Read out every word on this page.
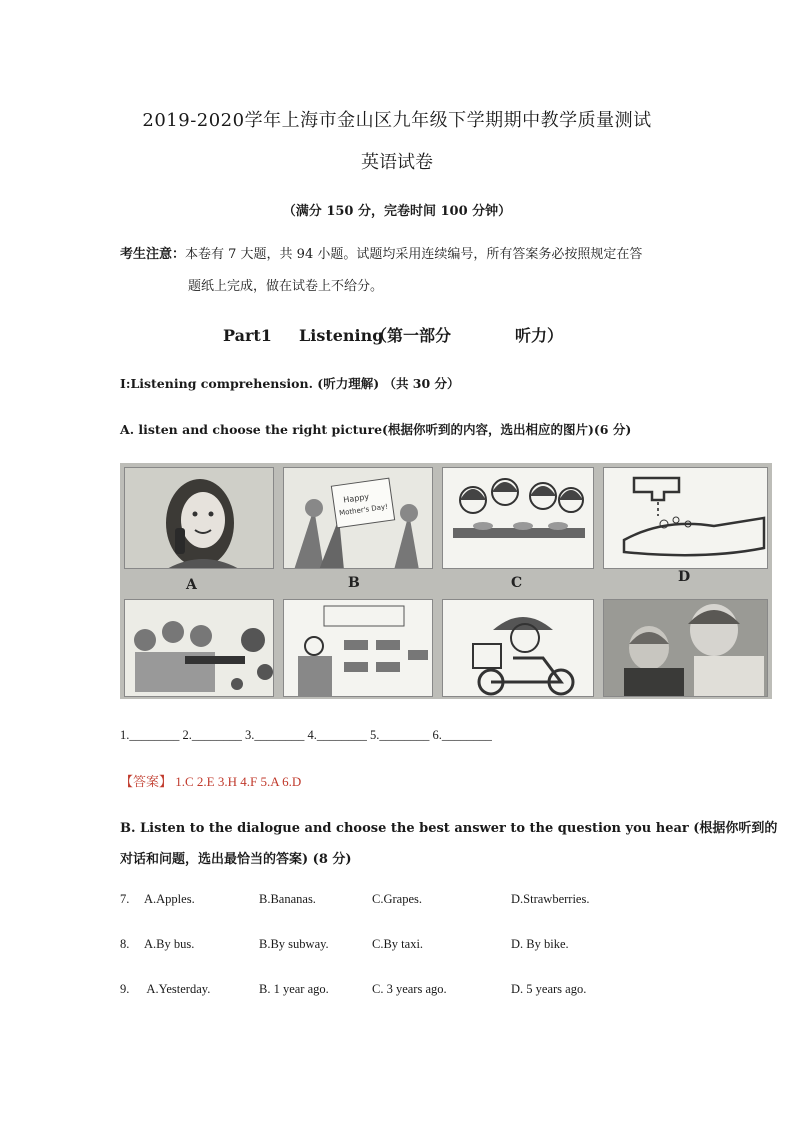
2019-2020学年上海市金山区九年级下学期期中教学质量测试
英语试卷
（满分 150 分，完卷时间 100 分钟）
考生注意：本卷有 7 大题，共 94 小题。试题均采用连续编号，所有答案务必按照规定在答
题纸上完成，做在试卷上不给分。
Part1 Listening（第一部分	听力）
I:Listening comprehension. (听力理解) （共 30 分）
A. listen and choose the right picture(根据你听到的内容，选出相应的图片)(6 分)
A
Happy
Mother's Day!
B	C	D
1.________ 2.________ 3.________ 4.________ 5.________ 6.________
【答案】 1.C 2.E 3.H 4.F 5.A 6.D
B. Listen to the dialogue and choose the best answer to the question you hear (根据你听到的
对话和问题，选出最恰当的答案) (8 分)
7. A.Apples.	B.Bananas.	C.Grapes.	D.Strawberries.
8. A.By bus.	B.By subway.	C.By taxi.	D. By bike.
9. A.Yesterday.	B. 1 year ago.	C. 3 years ago.	D. 5 years ago.
